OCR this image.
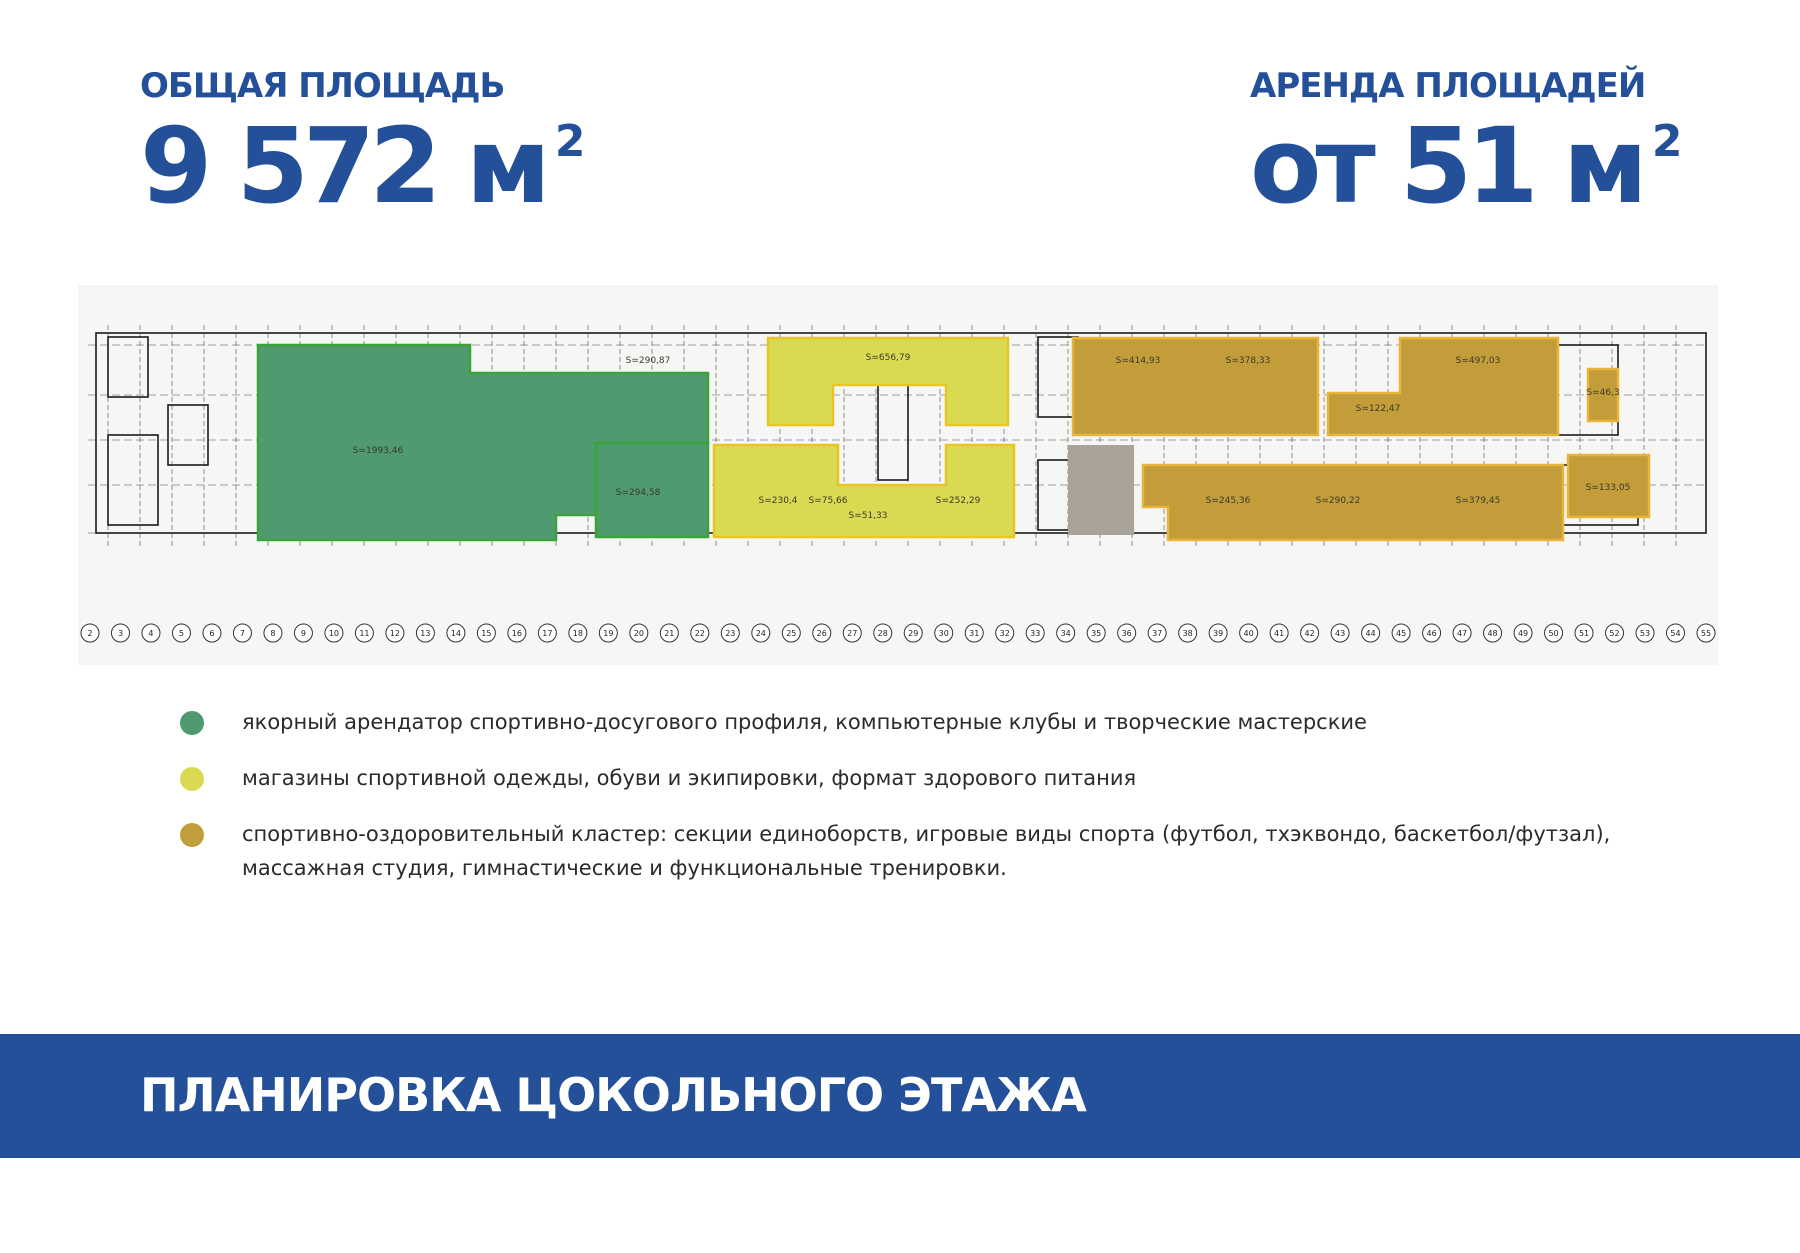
ОБЩАЯ ПЛОЩАДЬ
9 572 м $^2$
АРЕНДА ПЛОЩАДЕЙ
от 51 м $^2$
S=1993,46
S=290,87
S=294,58
S=656,79
S=230,4 S=75,66
S=51,33
S=252,29
S=414,93	S=378,33	S=497,03
S=122,47
S=46,3
S=133,05
S=245,36	S=290,22	S=379,45
2	3	4	5	6	7	8	9	10	11	12	13	14	15	16	17	18	19	20	21	22	23	24	25	26	27	28	29	30	31	32	33	34	35	36	37	38	39	40	41	42	43	44	45	46	47	48	49	50	51	52	53	54	55
якорный арендатор спортивно-досугового профиля, компьютерные клубы и творческие мастерские
магазины спортивной одежды, обуви и экипировки, формат здорового питания
спортивно-оздоровительный кластер: секции единоборств, игровые виды спорта (футбол, тхэквондо, баскетбол/футзал), массажная студия, гимнастические и функциональные тренировки.
ПЛАНИРОВКА ЦОКОЛЬНОГО ЭТАЖА
